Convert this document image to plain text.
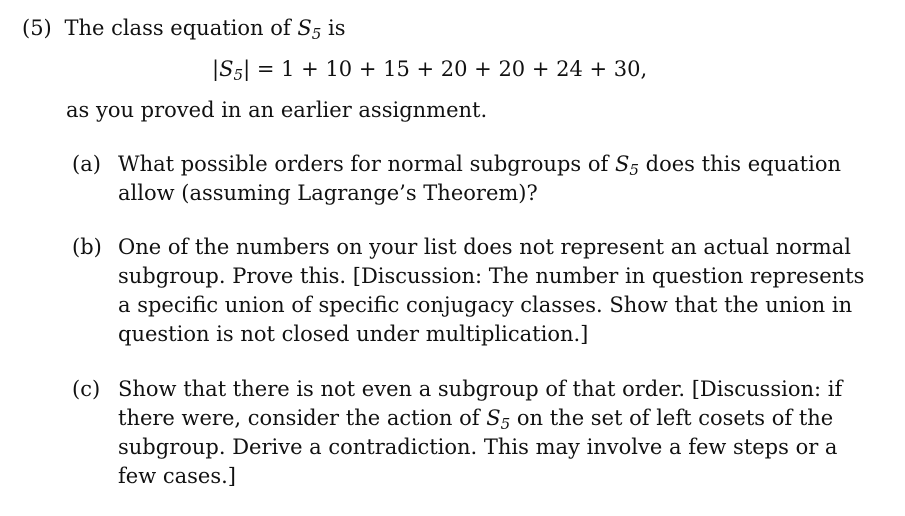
(5) The class equation of $S_5$ is
$|S_5| = 1 + 10 + 15 + 20 + 20 + 24 + 30$,
as you proved in an earlier assignment.
(a) What possible orders for normal subgroups of $S_5$ does this equation
allow (assuming Lagrange’s Theorem)?
(b) One of the numbers on your list does not represent an actual normal
subgroup. Prove this. [Discussion: The number in question represents
a specific union of specific conjugacy classes. Show that the union in
question is not closed under multiplication.]
(c) Show that there is not even a subgroup of that order. [Discussion: if
there were, consider the action of $S_5$ on the set of left cosets of the
subgroup. Derive a contradiction. This may involve a few steps or a
few cases.]
